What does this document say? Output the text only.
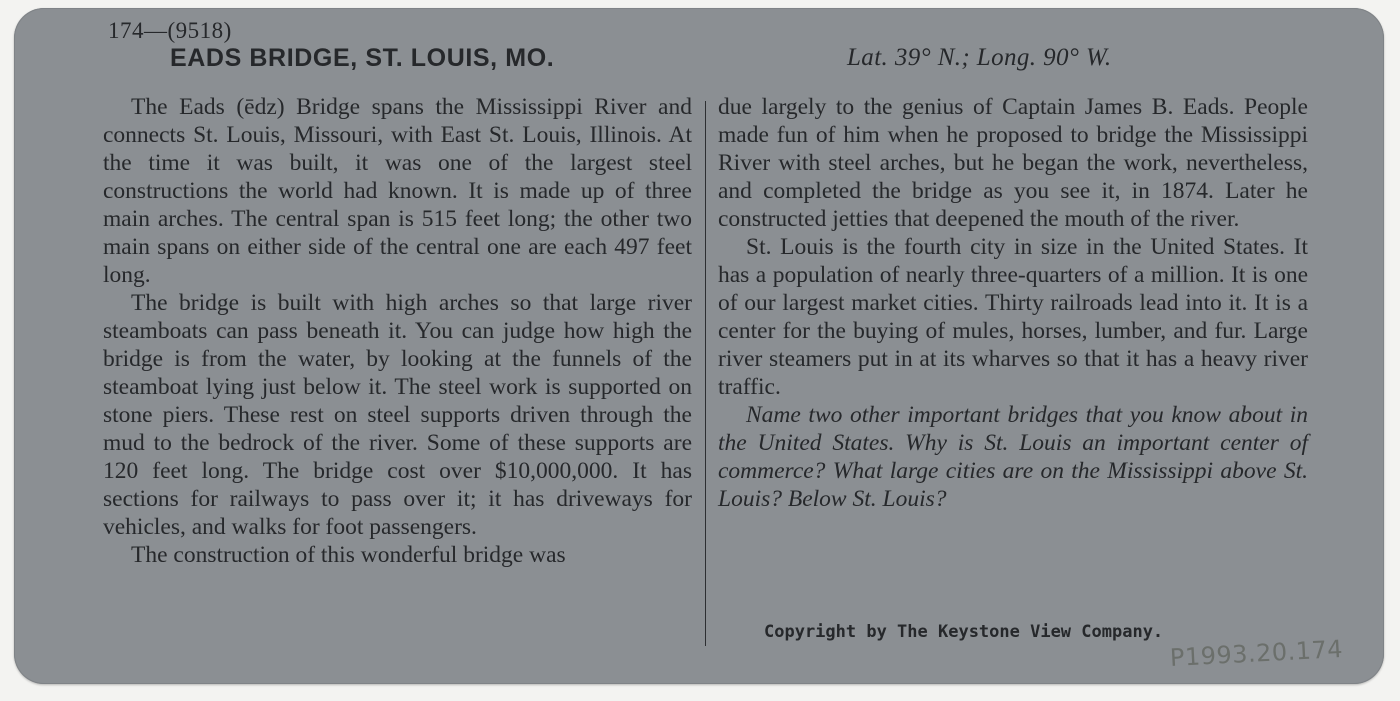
174—(9518)
EADS BRIDGE, ST. LOUIS, MO.	Lat. 39° N.; Long. 90° W.

The Eads (ēdz) Bridge spans the Mississippi River and connects St. Louis, Missouri, with East St. Louis, Illinois. At the time it was built, it was one of the largest steel constructions the world had known. It is made up of three main arches. The central span is 515 feet long; the other two main spans on either side of the central one are each 497 feet long.

The bridge is built with high arches so that large river steamboats can pass beneath it. You can judge how high the bridge is from the water, by looking at the funnels of the steamboat lying just below it. The steel work is supported on stone piers. These rest on steel supports driven through the mud to the bedrock of the river. Some of these supports are 120 feet long. The bridge cost over $10,000,000. It has sections for railways to pass over it; it has driveways for vehicles, and walks for foot passengers.

The construction of this wonderful bridge was

due largely to the genius of Captain James B. Eads. People made fun of him when he proposed to bridge the Mississippi River with steel arches, but he began the work, nevertheless, and completed the bridge as you see it, in 1874. Later he constructed jetties that deepened the mouth of the river.

St. Louis is the fourth city in size in the United States. It has a population of nearly three-quarters of a million. It is one of our largest market cities. Thirty railroads lead into it. It is a center for the buying of mules, horses, lumber, and fur. Large river steamers put in at its wharves so that it has a heavy river traffic.

Name two other important bridges that you know about in the United States. Why is St. Louis an important center of commerce? What large cities are on the Mississippi above St. Louis? Below St. Louis?

Copyright by The Keystone View Company.
P1993.20.174
